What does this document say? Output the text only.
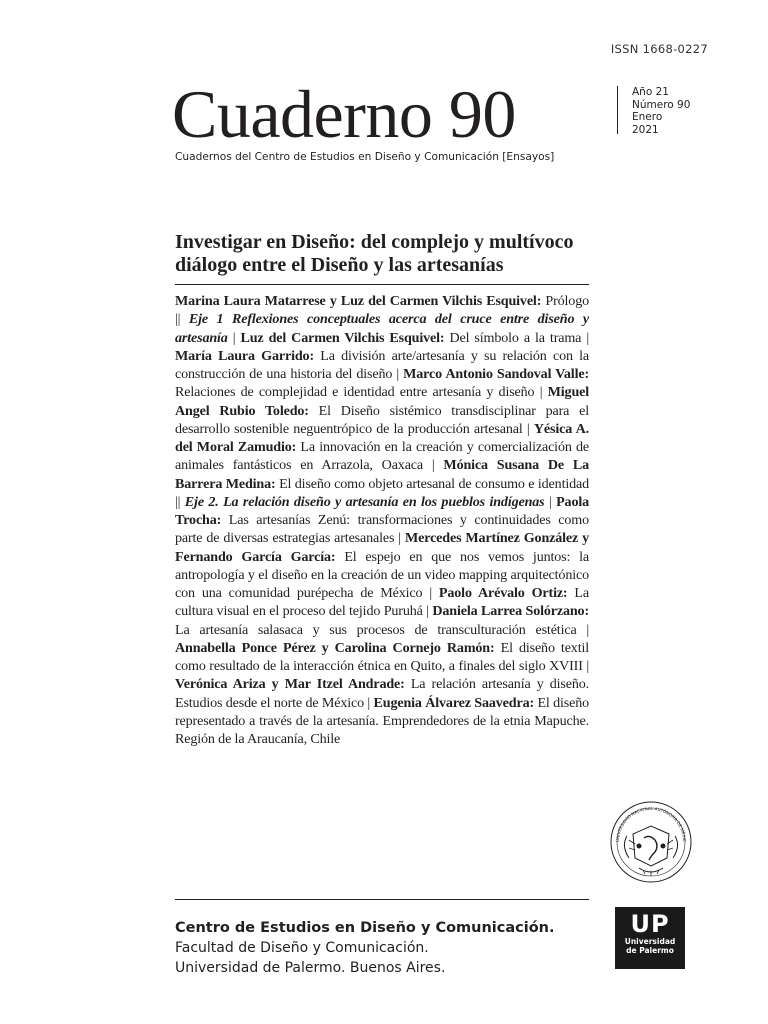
ISSN 1668-0227
Cuaderno 90	Año 21
Número 90
Enero
2021
Cuadernos del Centro de Estudios en Diseño y Comunicación [Ensayos]
Investigar en Diseño: del complejo y multívoco diálogo entre el Diseño y las artesanías
Marina Laura Matarrese y Luz del Carmen Vilchis Esquivel: Prólogo || Eje 1 Reflexiones conceptuales acerca del cruce entre diseño y artesanía | Luz del Carmen Vilchis Esquivel: Del símbolo a la trama | María Laura Garrido: La división arte/artesanía y su relación con la construcción de una historia del diseño | Marco Antonio Sandoval Valle: Relaciones de complejidad e identidad entre artesanía y diseño | Miguel Angel Rubio Toledo: El Diseño sistémico transdisciplinar para el desarrollo sostenible neguentrópico de la producción artesanal | Yésica A. del Moral Zamudio: La innovación en la creación y comercialización de animales fantásticos en Arrazola, Oaxaca | Mónica Susana De La Barrera Medina: El diseño como objeto artesanal de consumo e identidad || Eje 2. La relación diseño y artesanía en los pueblos indígenas | Paola Trocha: Las artesanías Zenú: transformaciones y continuidades como parte de diversas estrategias artesanales | Mercedes Martínez González y Fernando García García: El espejo en que nos vemos juntos: la antropología y el diseño en la creación de un video mapping arquitectónico con una comunidad purépecha de México | Paolo Arévalo Ortiz: La cultura visual en el proceso del tejido Puruhá | Daniela Larrea Solórzano: La artesanía salasaca y sus procesos de transculturación estética | Annabella Ponce Pérez y Carolina Cornejo Ramón: El diseño textil como resultado de la interacción étnica en Quito, a finales del siglo XVIII | Verónica Ariza y Mar Itzel Andrade: La relación artesanía y diseño. Estudios desde el norte de México | Eugenia Álvarez Saavedra: El diseño representado a través de la artesanía. Emprendedores de la etnia Mapuche. Región de la Araucanía, Chile
UNIVERSIDAD NACIONAL AUTÓNOMA DE MÉXIC
Centro de Estudios en Diseño y Comunicación.
Facultad de Diseño y Comunicación.
Universidad de Palermo. Buenos Aires.
UP
Universidad
de Palermo
